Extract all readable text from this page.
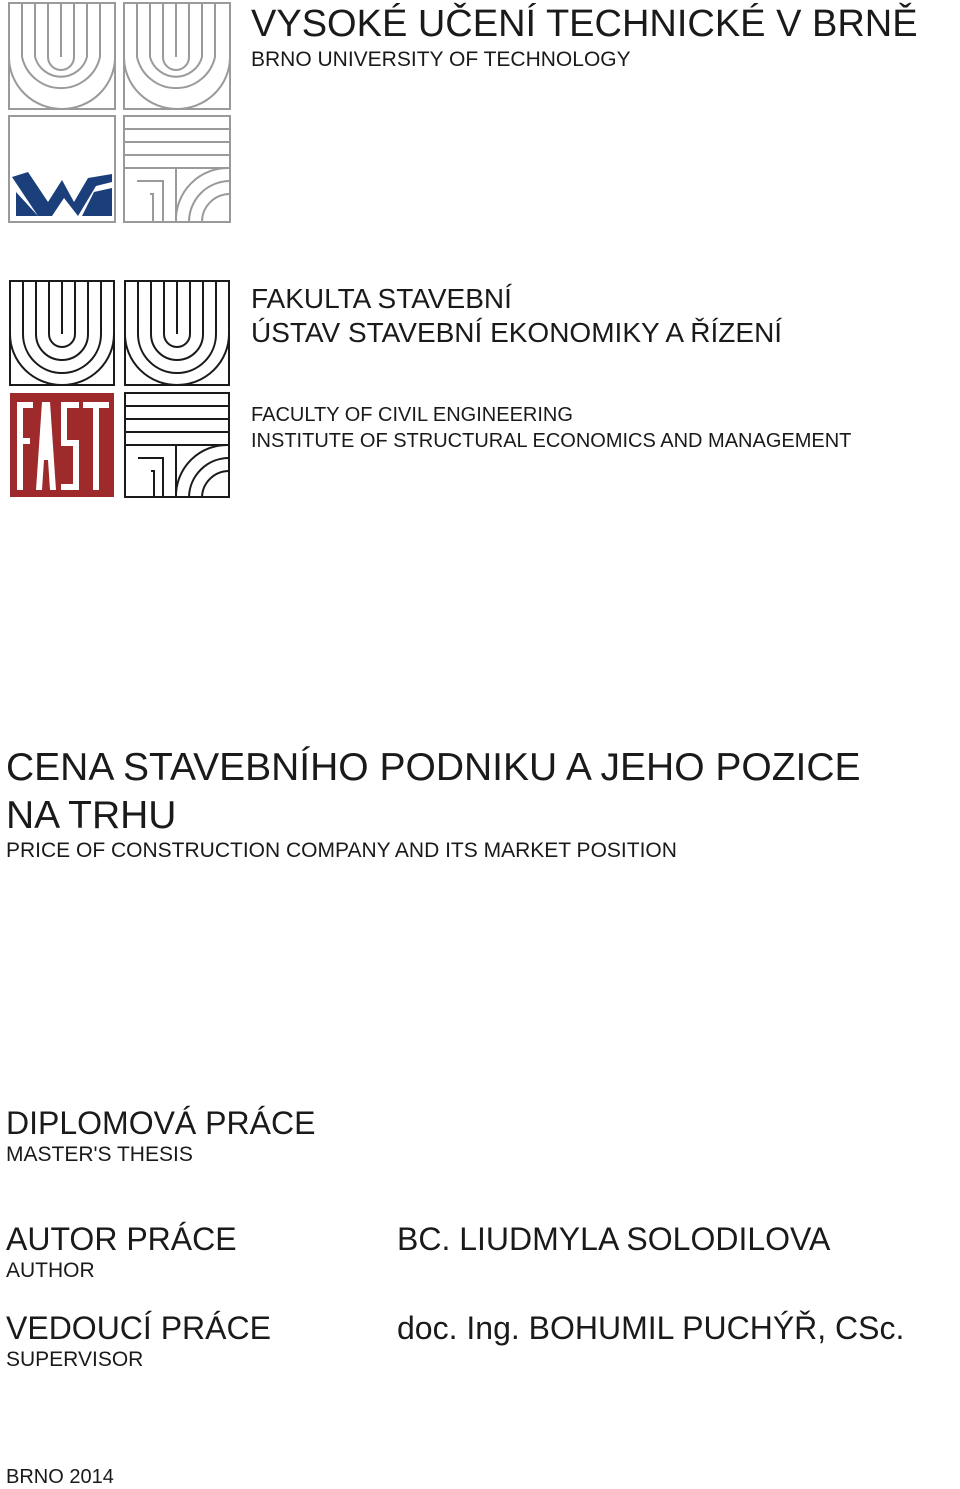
VYSOKÉ UČENÍ TECHNICKÉ V BRNĚ
BRNO UNIVERSITY OF TECHNOLOGY
FAKULTA STAVEBNÍ
ÚSTAV STAVEBNÍ EKONOMIKY A ŘÍZENÍ
FACULTY OF CIVIL ENGINEERING
INSTITUTE OF STRUCTURAL ECONOMICS AND MANAGEMENT
CENA STAVEBNÍHO PODNIKU A JEHO POZICE
NA TRHU
PRICE OF CONSTRUCTION COMPANY AND ITS MARKET POSITION
DIPLOMOVÁ PRÁCE
MASTER'S THESIS
AUTOR PRÁCE
AUTHOR
BC. LIUDMYLA SOLODILOVA
VEDOUCÍ PRÁCE
SUPERVISOR
doc. Ing. BOHUMIL PUCHÝŘ, CSc.
BRNO 2014
